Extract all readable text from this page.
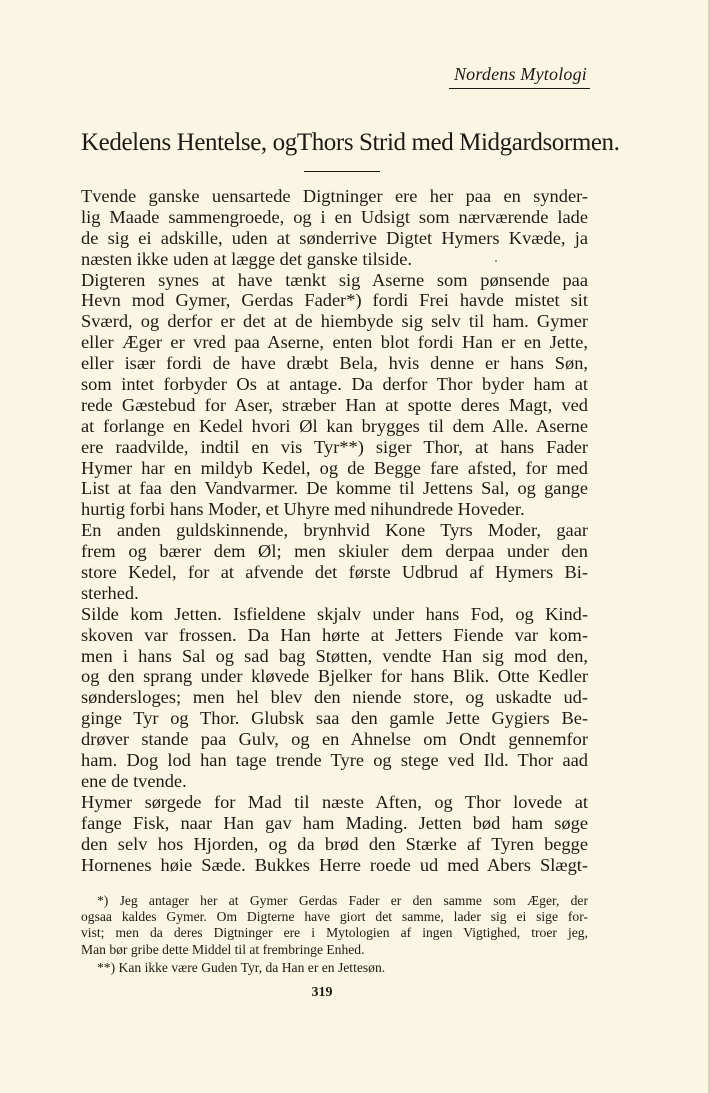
Nordens Mytologi
Kedelens Hentelse, ogThors Strid med Midgardsormen.
Tvende ganske uensartede Digtninger ere her paa en synder-
lig Maade sammengroede, og i en Udsigt som nærværende lade
de sig ei adskille, uden at sønderrive Digtet Hymers Kvæde, ja
næsten ikke uden at lægge det ganske tilside.
Digteren synes at have tænkt sig Aserne som pønsende paa
Hevn mod Gymer, Gerdas Fader*) fordi Frei havde mistet sit
Sværd, og derfor er det at de hiembyde sig selv til ham. Gymer
eller Æger er vred paa Aserne, enten blot fordi Han er en Jette,
eller især fordi de have dræbt Bela, hvis denne er hans Søn,
som intet forbyder Os at antage. Da derfor Thor byder ham at
rede Gæstebud for Aser, stræber Han at spotte deres Magt, ved
at forlange en Kedel hvori Øl kan brygges til dem Alle. Aserne
ere raadvilde, indtil en vis Tyr**) siger Thor, at hans Fader
Hymer har en mildyb Kedel, og de Begge fare afsted, for med
List at faa den Vandvarmer. De komme til Jettens Sal, og gange
hurtig forbi hans Moder, et Uhyre med nihundrede Hoveder.
En anden guldskinnende, brynhvid Kone Tyrs Moder, gaar
frem og bærer dem Øl; men skiuler dem derpaa under den
store Kedel, for at afvende det første Udbrud af Hymers Bi-
sterhed.
Silde kom Jetten. Isfieldene skjalv under hans Fod, og Kind-
skoven var frossen. Da Han hørte at Jetters Fiende var kom-
men i hans Sal og sad bag Støtten, vendte Han sig mod den,
og den sprang under kløvede Bjelker for hans Blik. Otte Kedler
søndersloges; men hel blev den niende store, og uskadte ud-
ginge Tyr og Thor. Glubsk saa den gamle Jette Gygiers Be-
drøver stande paa Gulv, og en Ahnelse om Ondt gennemfor
ham. Dog lod han tage trende Tyre og stege ved Ild. Thor aad
ene de tvende.
Hymer sørgede for Mad til næste Aften, og Thor lovede at
fange Fisk, naar Han gav ham Mading. Jetten bød ham søge
den selv hos Hjorden, og da brød den Stærke af Tyren begge
Hornenes høie Sæde. Bukkes Herre roede ud med Abers Slægt-
*) Jeg antager her at Gymer Gerdas Fader er den samme som Æger, der
ogsaa kaldes Gymer. Om Digterne have giort det samme, lader sig ei sige for-
vist; men da deres Digtninger ere i Mytologien af ingen Vigtighed, troer jeg,
Man bør gribe dette Middel til at frembringe Enhed.
**) Kan ikke være Guden Tyr, da Han er en Jettesøn.
319
